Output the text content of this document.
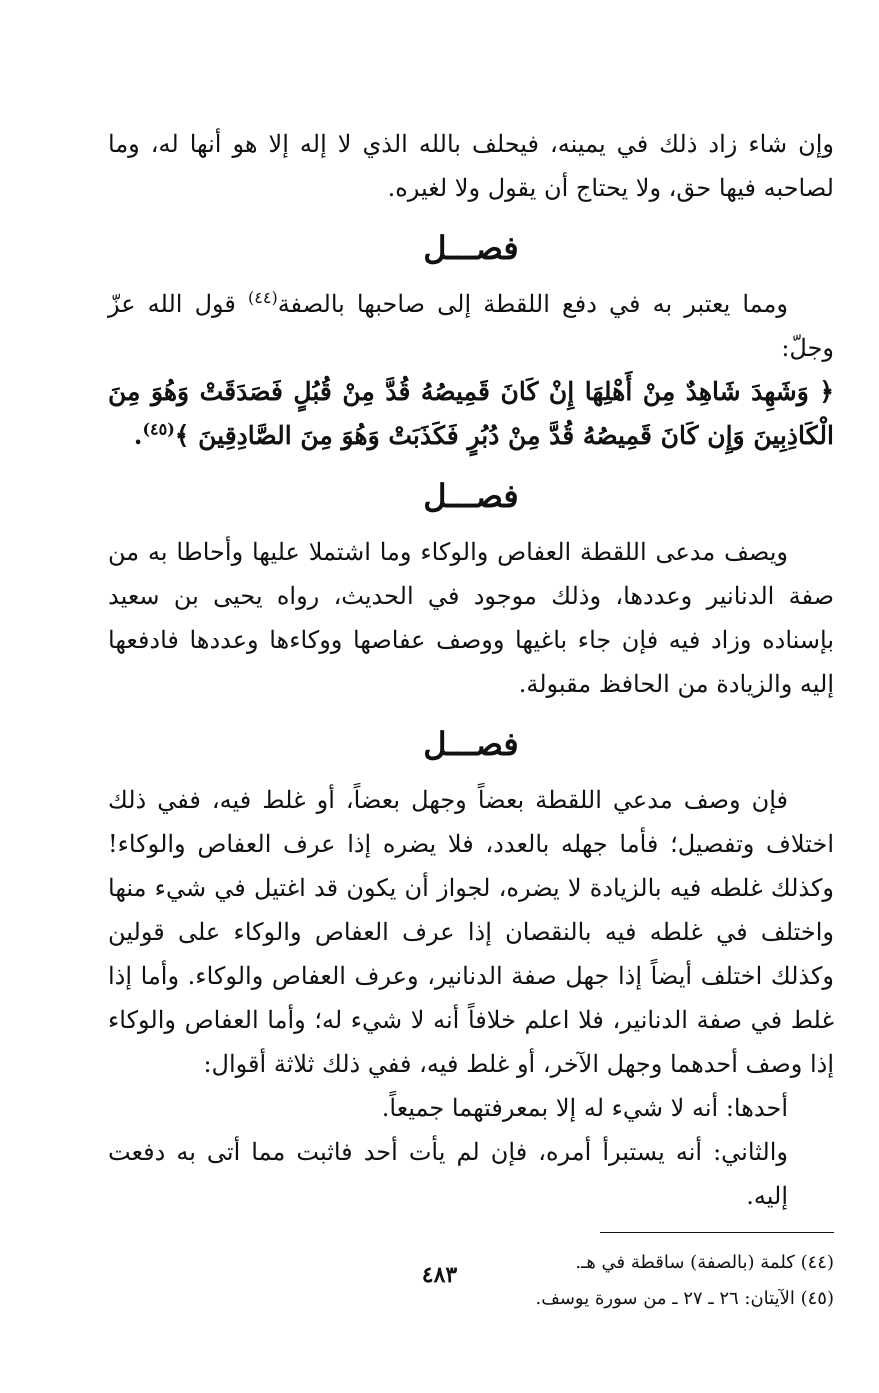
وإن شاء زاد ذلك في يمينه، فيحلف بالله الذي لا إله إلا هو أنها له، وما لصاحبه فيها حق، ولا يحتاج أن يقول ولا لغيره.

فصـــل

ومما يعتبر به في دفع اللقطة إلى صاحبها بالصفة$^{(٤٤)}$ قول الله عزّ وجلّ:

﴿ وَشَهِدَ شَاهِدٌ مِنْ أَهْلِهَا إِنْ كَانَ قَمِيصُهُ قُدَّ مِنْ قُبُلٍ فَصَدَقَتْ وَهُوَ مِنَ الْكَاذِبِينَ وَإِن كَانَ قَمِيصُهُ قُدَّ مِنْ دُبُرٍ فَكَذَبَتْ وَهُوَ مِنَ الصَّادِقِينَ ﴾$^{(٤٥)}$.

فصـــل

ويصف مدعى اللقطة العفاص والوكاء وما اشتملا عليها وأحاطا به من صفة الدنانير وعددها، وذلك موجود في الحديث، رواه يحيى بن سعيد بإسناده وزاد فيه فإن جاء باغيها ووصف عفاصها ووكاءها وعددها فادفعها إليه والزيادة من الحافظ مقبولة.

فصـــل

فإن وصف مدعي اللقطة بعضاً وجهل بعضاً، أو غلط فيه، ففي ذلك اختلاف وتفصيل؛ فأما جهله بالعدد، فلا يضره إذا عرف العفاص والوكاء! وكذلك غلطه فيه بالزيادة لا يضره، لجواز أن يكون قد اغتيل في شيء منها واختلف في غلطه فيه بالنقصان إذا عرف العفاص والوكاء على قولين وكذلك اختلف أيضاً إذا جهل صفة الدنانير، وعرف العفاص والوكاء. وأما إذا غلط في صفة الدنانير، فلا اعلم خلافاً أنه لا شيء له؛ وأما العفاص والوكاء إذا وصف أحدهما وجهل الآخر، أو غلط فيه، ففي ذلك ثلاثة أقوال:

أحدها: أنه لا شيء له إلا بمعرفتهما جميعاً.

والثاني: أنه يستبرأ أمره، فإن لم يأت أحد فاثبت مما أتى به دفعت إليه.

(٤٤) كلمة (بالصفة) ساقطة في هـ.

(٤٥) الآيتان: ٢٦ ـ ٢٧ ـ من سورة يوسف.

٤٨٣
